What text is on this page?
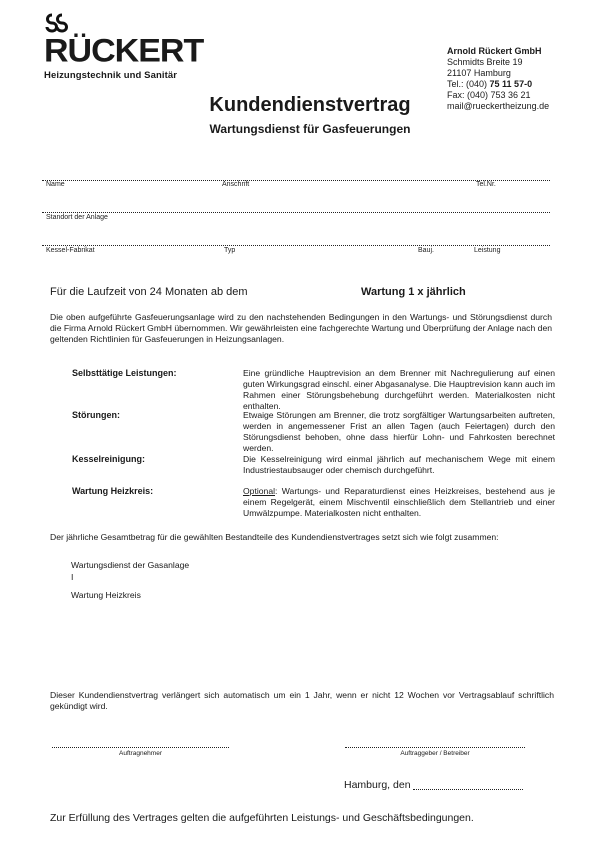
RÜCKERT
Heizungstechnik und Sanitär
Arnold Rückert GmbH
Schmidts Breite 19
21107 Hamburg
Tel.: (040) 75 11 57-0
Fax: (040) 753 36 21
mail@rueckertheizung.de
Kundendienstvertrag
Wartungsdienst für Gasfeuerungen
Name	Anschrift	Tel.Nr.
Standort der Anlage
Kessel-Fabrikat	Typ	Bauj.	Leistung
Für die Laufzeit von 24 Monaten ab dem	Wartung 1 x jährlich
Die oben aufgeführte Gasfeuerungsanlage wird zu den nachstehenden Bedingungen in den Wartungs- und Störungsdienst durch die Firma Arnold Rückert GmbH übernommen. Wir gewährleisten eine fachgerechte Wartung und Überprüfung der Anlage nach den geltenden Richtlinien für Gasfeuerungen in Heizungsanlagen.
Selbsttätige Leistungen:	Eine gründliche Hauptrevision an dem Brenner mit Nachregulierung auf einen guten Wirkungsgrad einschl. einer Abgasanalyse. Die Hauptrevision kann auch im Rahmen einer Störungsbehebung durchgeführt werden. Materialkosten nicht enthalten.
Störungen:	Etwaige Störungen am Brenner, die trotz sorgfältiger Wartungsarbeiten auftreten, werden in angemessener Frist an allen Tagen (auch Feiertagen) durch den Störungsdienst behoben, ohne dass hierfür Lohn- und Fahrkosten berechnet werden.
Kesselreinigung:	Die Kesselreinigung wird einmal jährlich auf mechanischem Wege mit einem Industriestaubsauger oder chemisch durchgeführt.
Wartung Heizkreis:	Optional: Wartungs- und Reparaturdienst eines Heizkreises, bestehend aus je einem Regelgerät, einem Mischventil einschließlich dem Stellantrieb und einer Umwälzpumpe. Materialkosten nicht enthalten.
Der jährliche Gesamtbetrag für die gewählten Bestandteile des Kundendienstvertrages setzt sich wie folgt zusammen:
Wartungsdienst der Gasanlage
I
Wartung Heizkreis
Dieser Kundendienstvertrag verlängert sich automatisch um ein 1 Jahr, wenn er nicht 12 Wochen vor Vertragsablauf schriftlich gekündigt wird.
Auftragnehmer	Auftraggeber / Betreiber
Hamburg, den
Zur Erfüllung des Vertrages gelten die aufgeführten Leistungs- und Geschäftsbedingungen.
